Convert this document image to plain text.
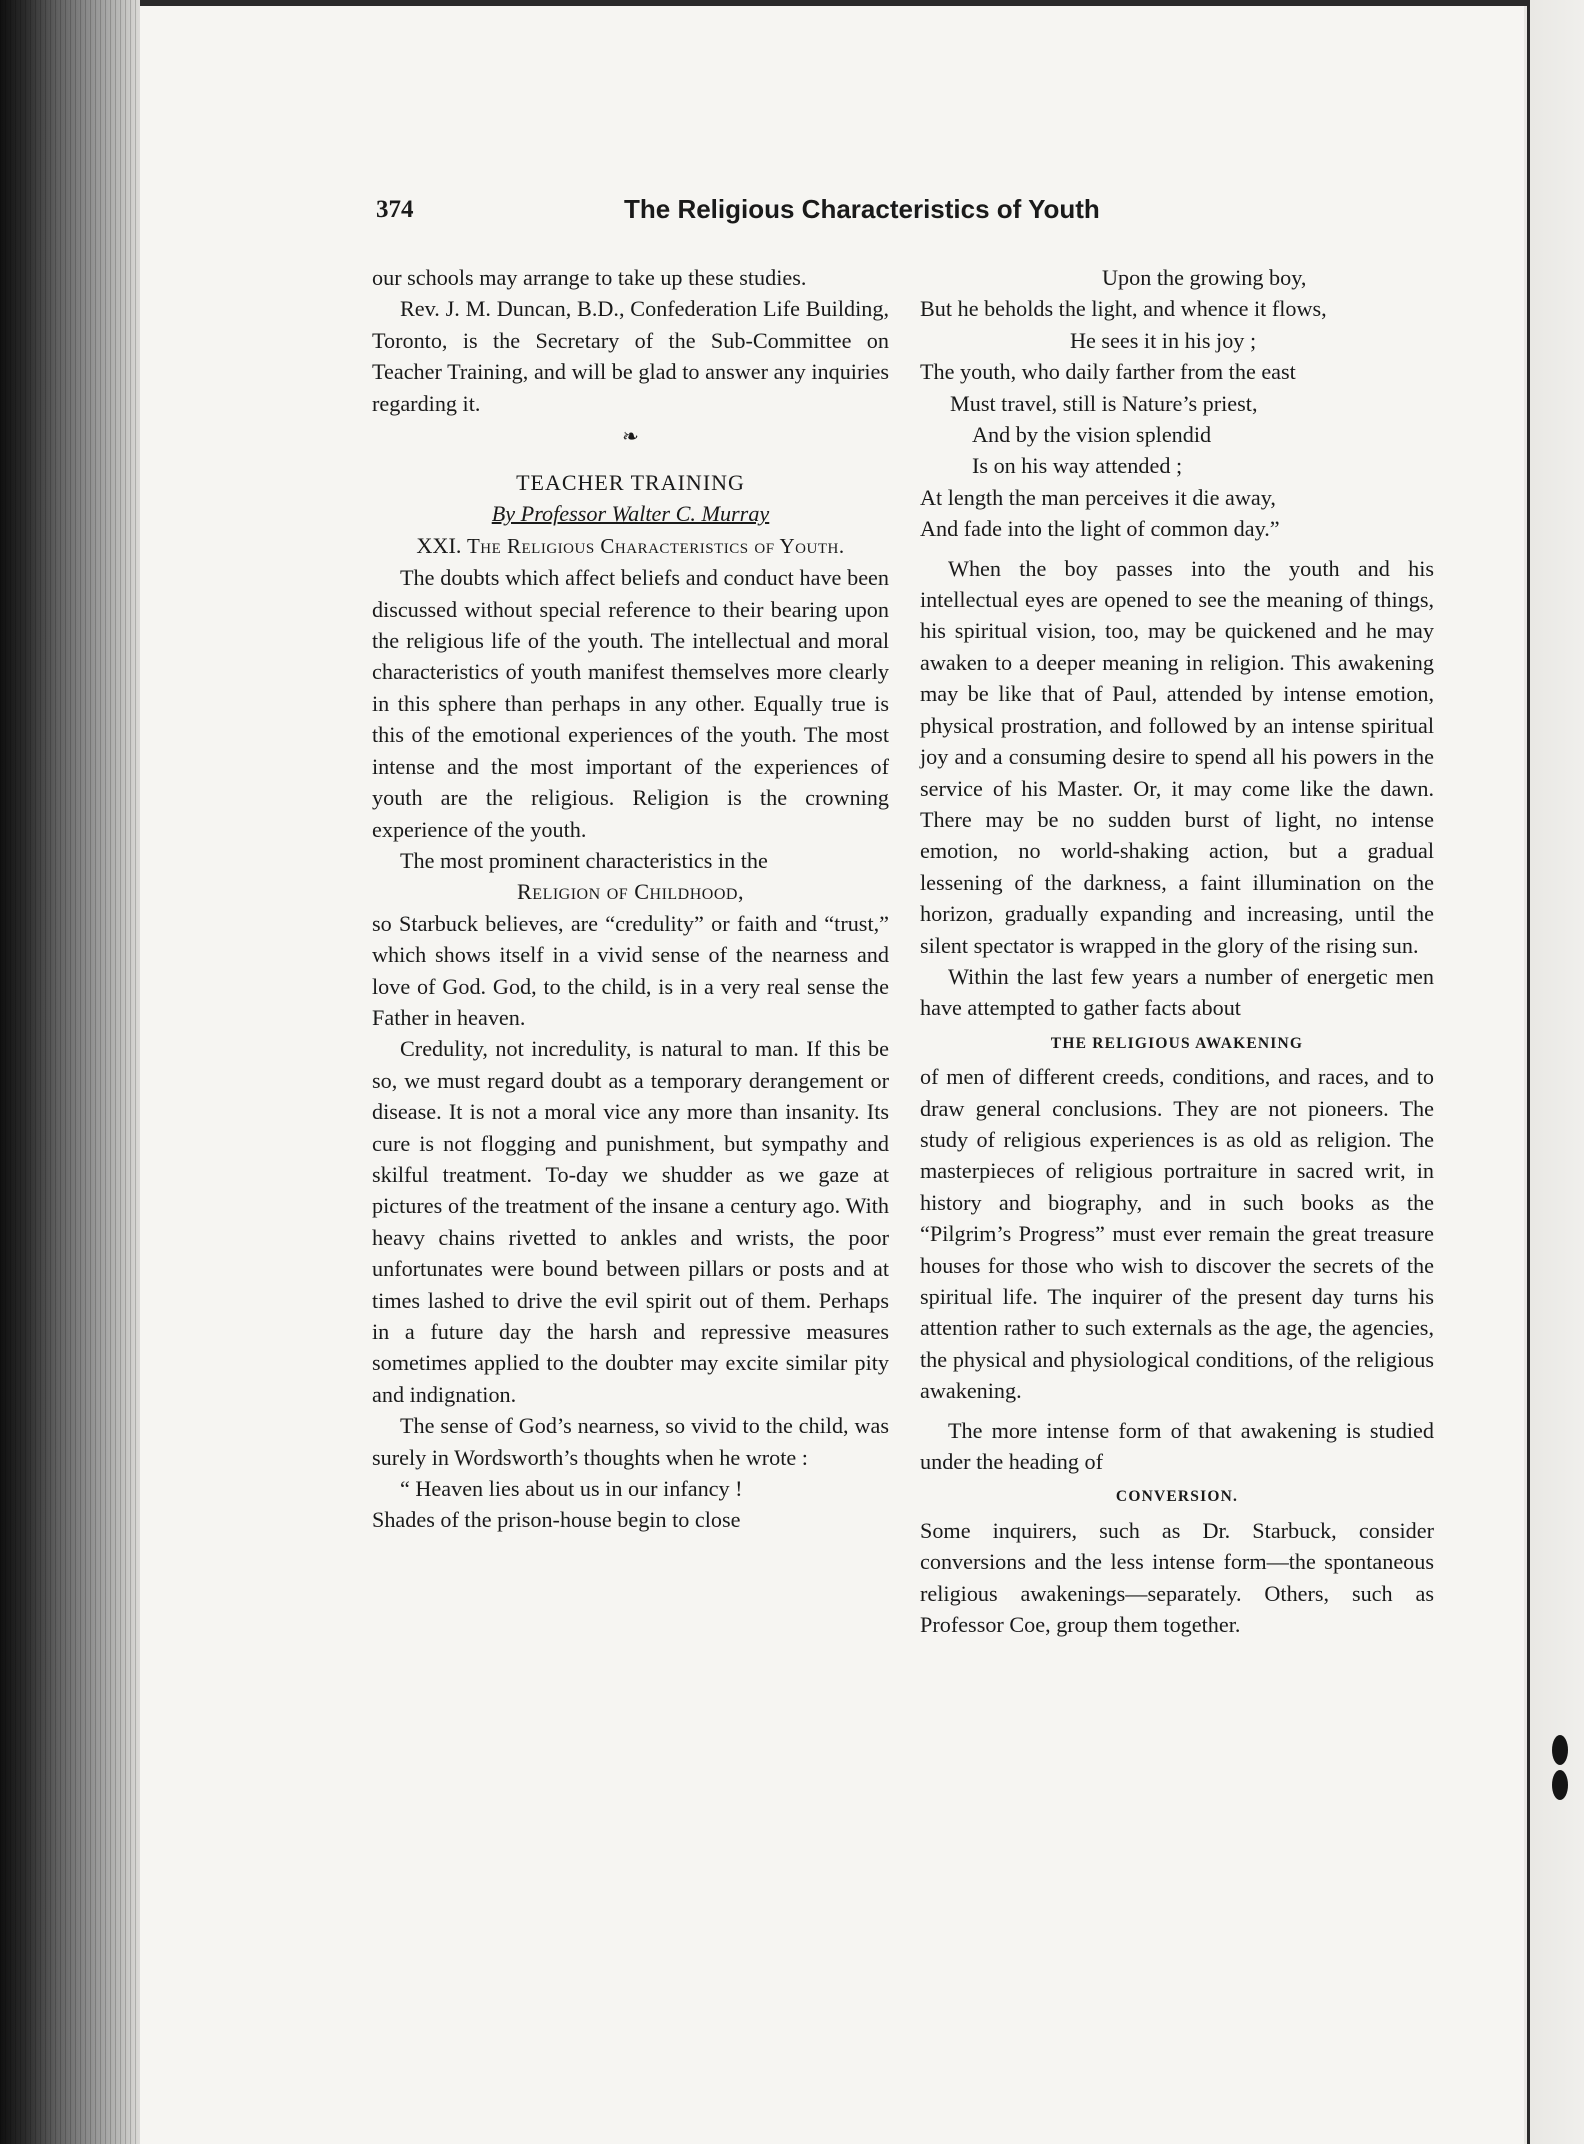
374	The Religious Characteristics of Youth

our schools may arrange to take up these studies.

Rev. J. M. Duncan, B.D., Confederation Life Building, Toronto, is the Secretary of the Sub-Committee on Teacher Training, and will be glad to answer any inquiries regarding it.

❧

TEACHER TRAINING

By Professor Walter C. Murray

XXI. The Religious Characteristics of Youth.

The doubts which affect beliefs and conduct have been discussed without special reference to their bearing upon the religious life of the youth. The intellectual and moral characteristics of youth manifest themselves more clearly in this sphere than perhaps in any other. Equally true is this of the emotional experiences of the youth. The most intense and the most important of the experiences of youth are the religious. Religion is the crowning experience of the youth.

The most prominent characteristics in the

Religion of Childhood,

so Starbuck believes, are “credulity” or faith and “trust,” which shows itself in a vivid sense of the nearness and love of God. God, to the child, is in a very real sense the Father in heaven.

Credulity, not incredulity, is natural to man. If this be so, we must regard doubt as a temporary derangement or disease. It is not a moral vice any more than insanity. Its cure is not flogging and punishment, but sympathy and skilful treatment. To-day we shudder as we gaze at pictures of the treatment of the insane a century ago. With heavy chains rivetted to ankles and wrists, the poor unfortunates were bound between pillars or posts and at times lashed to drive the evil spirit out of them. Perhaps in a future day the harsh and repressive measures sometimes applied to the doubter may excite similar pity and indignation.

The sense of God’s nearness, so vivid to the child, was surely in Wordsworth’s thoughts when he wrote :

“ Heaven lies about us in our infancy !

Shades of the prison-house begin to close

Upon the growing boy,

But he beholds the light, and whence it flows,

He sees it in his joy ;

The youth, who daily farther from the east

Must travel, still is Nature’s priest,

And by the vision splendid

Is on his way attended ;

At length the man perceives it die away,

And fade into the light of common day.”

When the boy passes into the youth and his intellectual eyes are opened to see the meaning of things, his spiritual vision, too, may be quickened and he may awaken to a deeper meaning in religion. This awakening may be like that of Paul, attended by intense emotion, physical prostration, and followed by an intense spiritual joy and a consuming desire to spend all his powers in the service of his Master. Or, it may come like the dawn. There may be no sudden burst of light, no intense emotion, no world-shaking action, but a gradual lessening of the darkness, a faint illumination on the horizon, gradually expanding and increasing, until the silent spectator is wrapped in the glory of the rising sun.

Within the last few years a number of energetic men have attempted to gather facts about

THE RELIGIOUS AWAKENING

of men of different creeds, conditions, and races, and to draw general conclusions. They are not pioneers. The study of religious experiences is as old as religion. The masterpieces of religious portraiture in sacred writ, in history and biography, and in such books as the “Pilgrim’s Progress” must ever remain the great treasure houses for those who wish to discover the secrets of the spiritual life. The inquirer of the present day turns his attention rather to such externals as the age, the agencies, the physical and physiological conditions, of the religious awakening.

The more intense form of that awakening is studied under the heading of

CONVERSION.

Some inquirers, such as Dr. Starbuck, consider conversions and the less intense form—the spontaneous religious awakenings—separately. Others, such as Professor Coe, group them together.
